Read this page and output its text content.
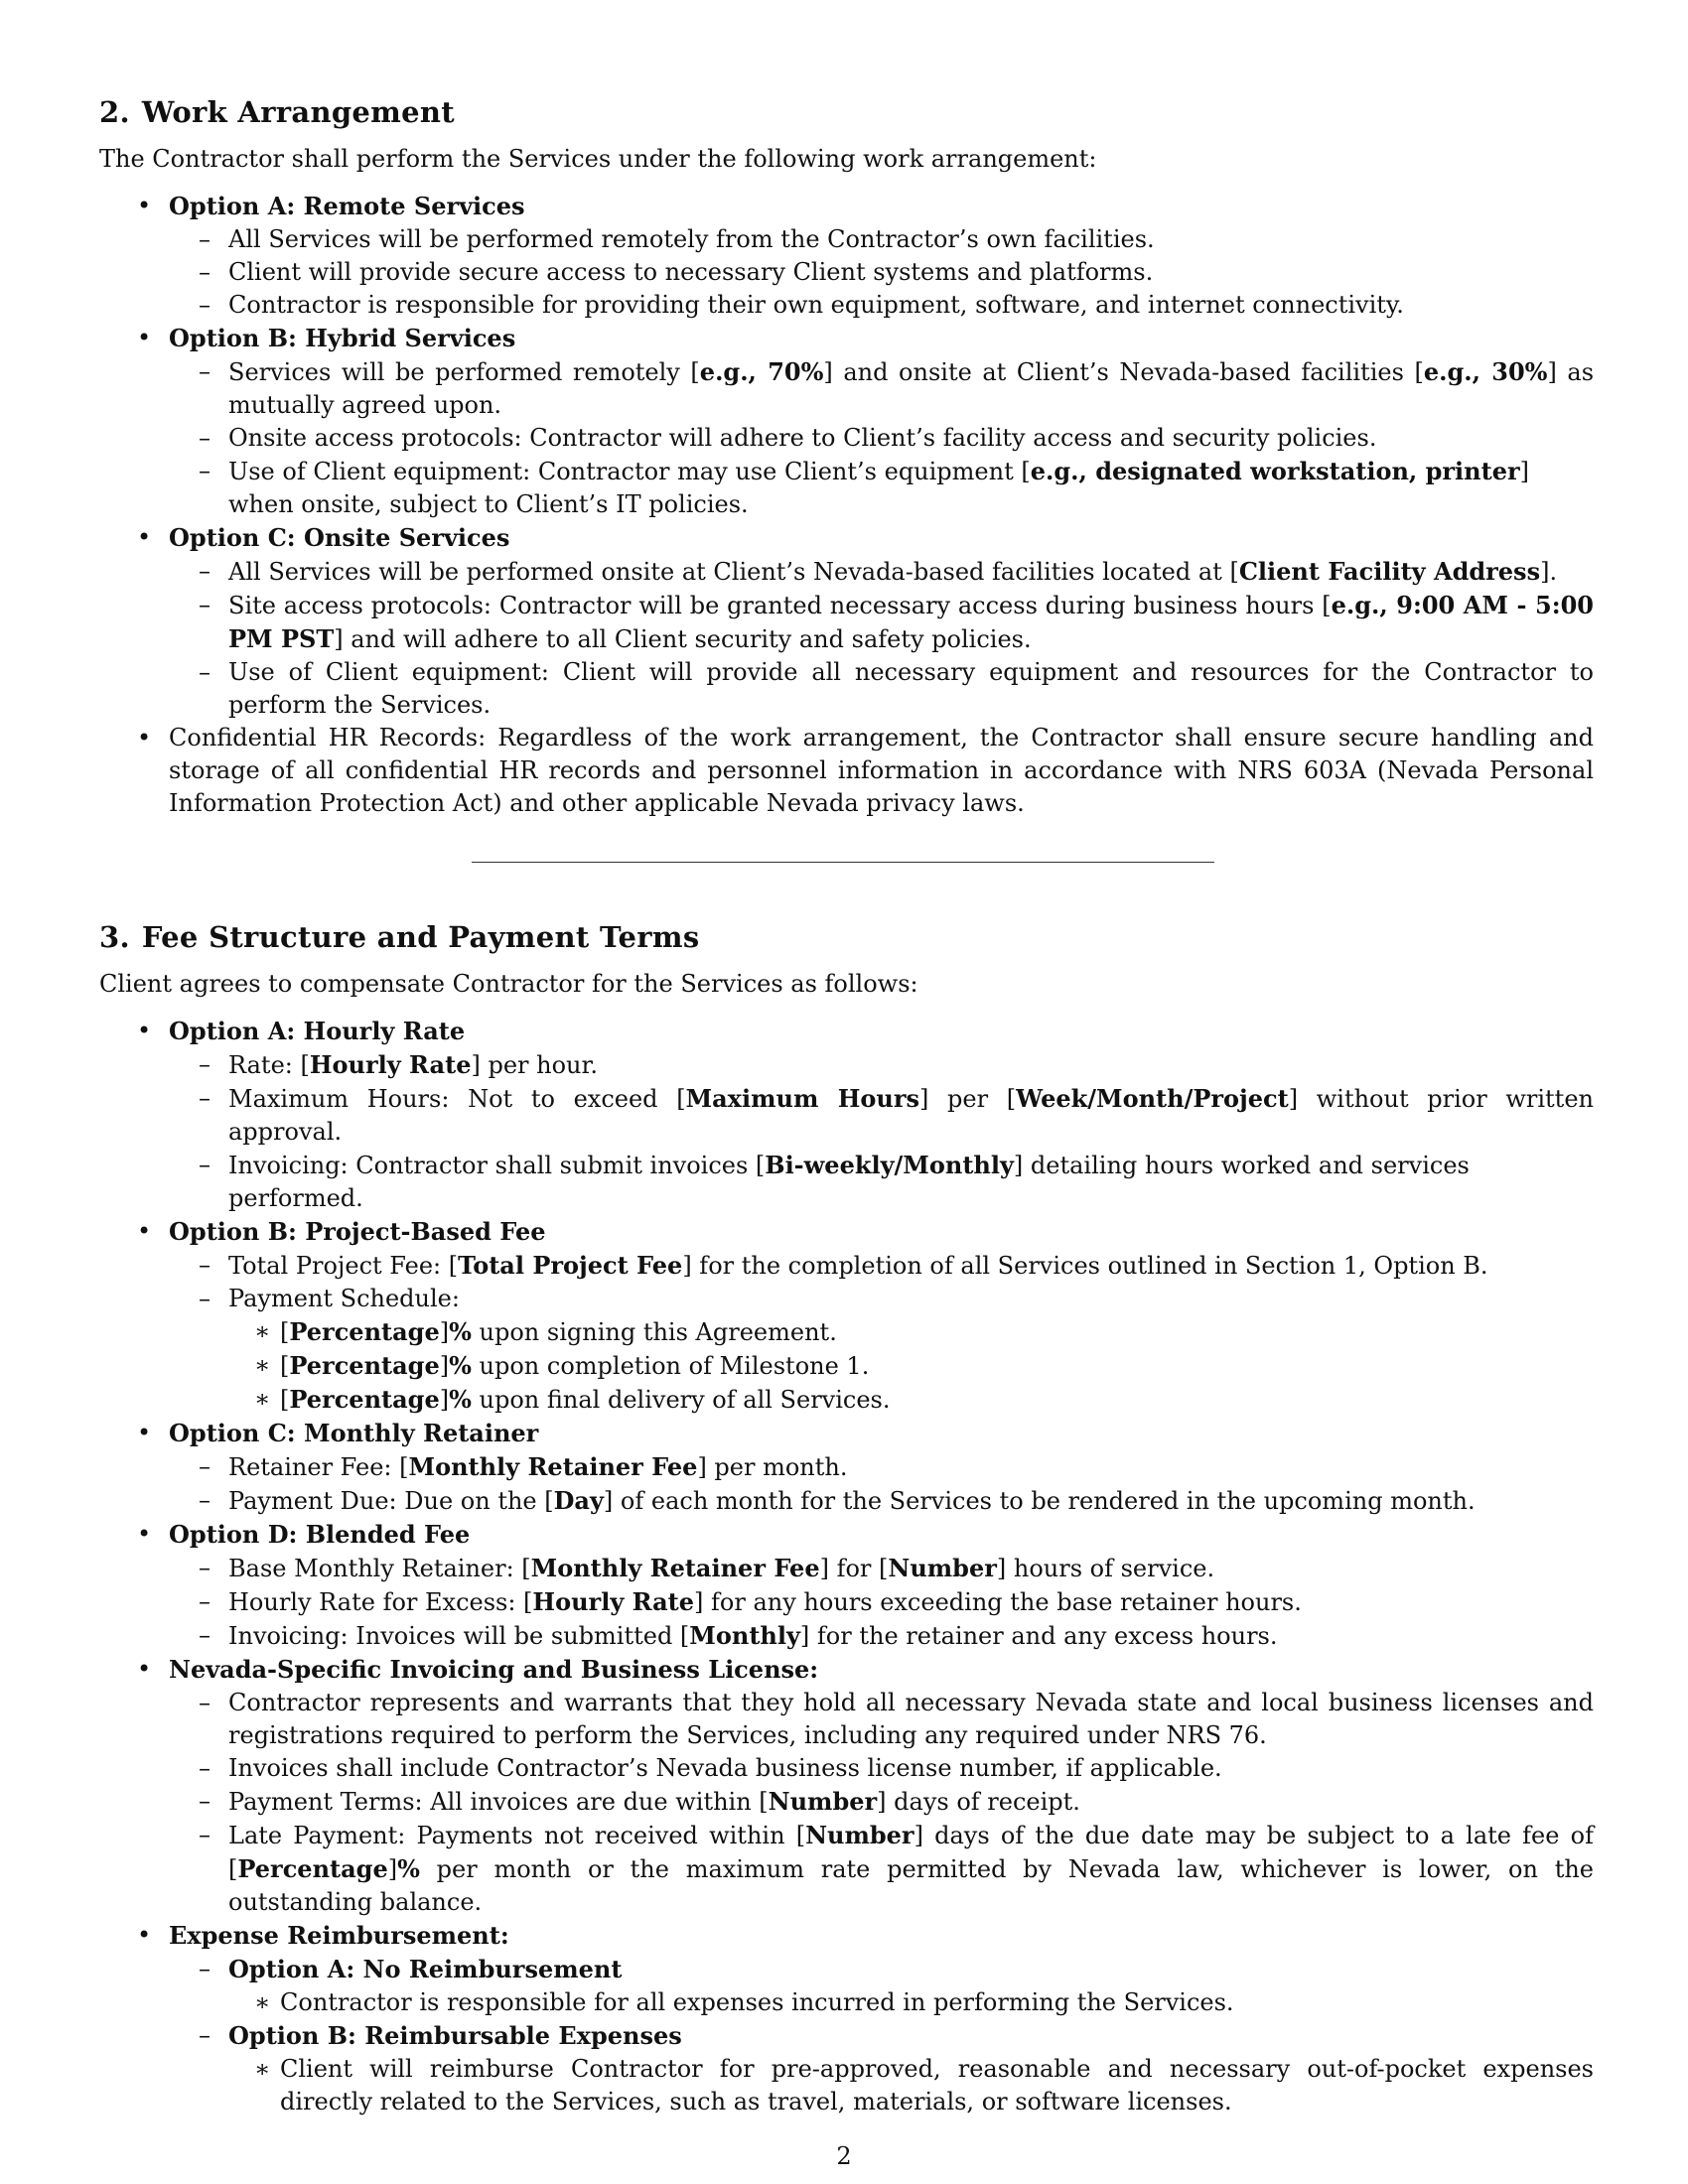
2. Work Arrangement

The Contractor shall perform the Services under the following work arrangement:

• Option A: Remote Services
– All Services will be performed remotely from the Contractor’s own facilities.
– Client will provide secure access to necessary Client systems and platforms.
– Contractor is responsible for providing their own equipment, software, and internet connectivity.
• Option B: Hybrid Services
– Services will be performed remotely [e.g., 70%] and onsite at Client’s Nevada-based facilities [e.g., 30%] as mutually agreed upon.
– Onsite access protocols: Contractor will adhere to Client’s facility access and security policies.
– Use of Client equipment: Contractor may use Client’s equipment [e.g., designated workstation, printer] when onsite, subject to Client’s IT policies.
• Option C: Onsite Services
– All Services will be performed onsite at Client’s Nevada-based facilities located at [Client Facility Address].
– Site access protocols: Contractor will be granted necessary access during business hours [e.g., 9:00 AM - 5:00 PM PST] and will adhere to all Client security and safety policies.
– Use of Client equipment: Client will provide all necessary equipment and resources for the Contractor to perform the Services.
• Confidential HR Records: Regardless of the work arrangement, the Contractor shall ensure secure handling and storage of all confidential HR records and personnel information in accordance with NRS 603A (Nevada Personal Information Protection Act) and other applicable Nevada privacy laws.
3. Fee Structure and Payment Terms

Client agrees to compensate Contractor for the Services as follows:

• Option A: Hourly Rate
– Rate: [Hourly Rate] per hour.
– Maximum Hours: Not to exceed [Maximum Hours] per [Week/Month/Project] without prior written approval.
– Invoicing: Contractor shall submit invoices [Bi-weekly/Monthly] detailing hours worked and services performed.
• Option B: Project-Based Fee
– Total Project Fee: [Total Project Fee] for the completion of all Services outlined in Section 1, Option B.
– Payment Schedule:
∗ [Percentage]% upon signing this Agreement.
∗ [Percentage]% upon completion of Milestone 1.
∗ [Percentage]% upon final delivery of all Services.
• Option C: Monthly Retainer
– Retainer Fee: [Monthly Retainer Fee] per month.
– Payment Due: Due on the [Day] of each month for the Services to be rendered in the upcoming month.
• Option D: Blended Fee
– Base Monthly Retainer: [Monthly Retainer Fee] for [Number] hours of service.
– Hourly Rate for Excess: [Hourly Rate] for any hours exceeding the base retainer hours.
– Invoicing: Invoices will be submitted [Monthly] for the retainer and any excess hours.
• Nevada-Specific Invoicing and Business License:
– Contractor represents and warrants that they hold all necessary Nevada state and local business licenses and registrations required to perform the Services, including any required under NRS 76.
– Invoices shall include Contractor’s Nevada business license number, if applicable.
– Payment Terms: All invoices are due within [Number] days of receipt.
– Late Payment: Payments not received within [Number] days of the due date may be subject to a late fee of [Percentage]% per month or the maximum rate permitted by Nevada law, whichever is lower, on the outstanding balance.
• Expense Reimbursement:
– Option A: No Reimbursement
∗ Contractor is responsible for all expenses incurred in performing the Services.
– Option B: Reimbursable Expenses
∗ Client will reimburse Contractor for pre-approved, reasonable and necessary out-of-pocket expenses directly related to the Services, such as travel, materials, or software licenses.
2
